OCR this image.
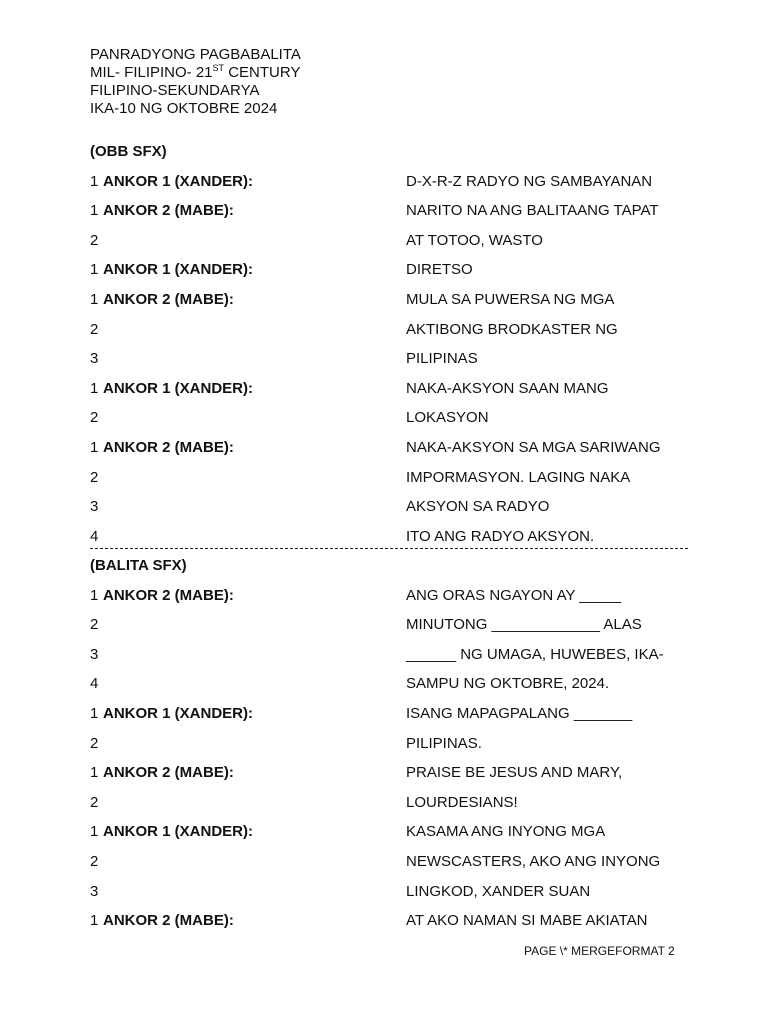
PANRADYONG PAGBABALITA
MIL- FILIPINO- 21ST CENTURY
FILIPINO-SEKUNDARYA
IKA-10 NG OKTOBRE 2024
(OBB SFX)
1 ANKOR 1 (XANDER):	D-X-R-Z RADYO NG SAMBAYANAN
1 ANKOR 2 (MABE):	NARITO NA ANG BALITAANG TAPAT
2	AT TOTOO, WASTO
1 ANKOR 1 (XANDER):	DIRETSO
1 ANKOR 2 (MABE):	MULA SA PUWERSA NG MGA
2	AKTIBONG BRODKASTER NG
3	PILIPINAS
1 ANKOR 1 (XANDER):	NAKA-AKSYON SAAN MANG
2	LOKASYON
1 ANKOR 2 (MABE):	NAKA-AKSYON SA MGA SARIWANG
2	IMPORMASYON. LAGING NAKA
3	AKSYON SA RADYO
4	ITO ANG RADYO AKSYON.
(BALITA SFX)
1 ANKOR 2 (MABE):	ANG ORAS NGAYON AY _____
2	MINUTONG _____________ ALAS
3	______ NG UMAGA, HUWEBES, IKA-
4	SAMPU NG OKTOBRE, 2024.
1 ANKOR 1 (XANDER):	ISANG MAPAGPALANG _______
2	PILIPINAS.
1 ANKOR 2 (MABE):	PRAISE BE JESUS AND MARY,
2	LOURDESIANS!
1 ANKOR 1 (XANDER):	KASAMA ANG INYONG MGA
2	NEWSCASTERS, AKO ANG INYONG
3	LINGKOD, XANDER SUAN
1 ANKOR 2 (MABE):	AT AKO NAMAN SI MABE AKIATAN
PAGE \* MERGEFORMAT 2
